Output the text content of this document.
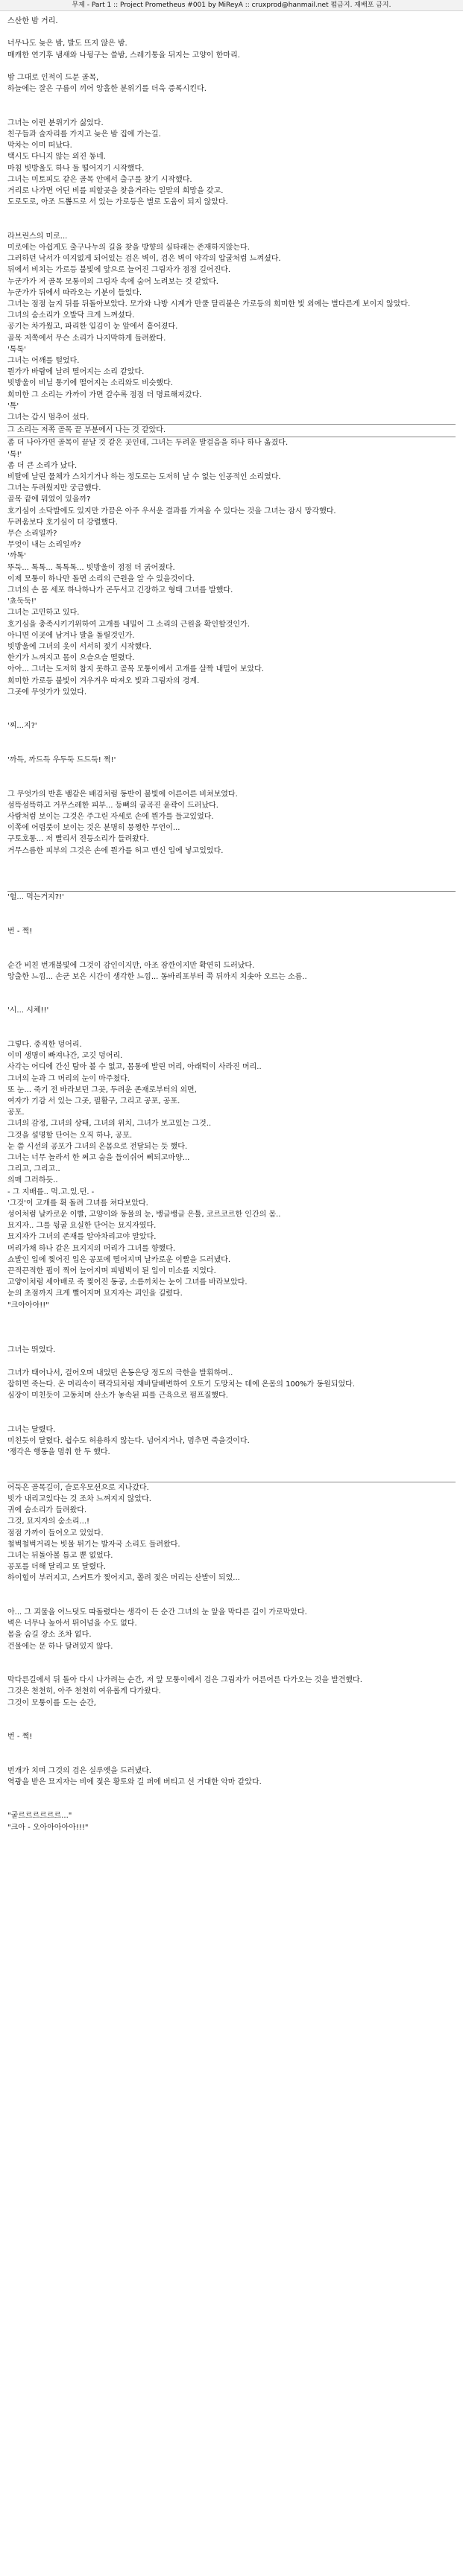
무제 - Part 1 :: Project Prometheus #001 by MiReyA :: cruxprod@hanmail.net 펌금지. 재배포 금지.
스산한 밤 거리.
너무나도 늦은 밤, 발도 뜨지 않은 밤.
매캐한 연기후 냄새와 나뒹구는 쓸밤, 스레기통을 뒤지는 고양이 한마리.
밤 그대로 인적이 드문 골목,
하늘에는 잘은 구름이 끼어 앙흘한 분위기를 더욱 증폭시킨다.
그녀는 이런 분위기가 싫었다.
친구들과 술자리를 가지고 늦은 밤 집에 가는길.
막차는 이미 떠났다.
택시도 다니지 않는 외진 동네.
마침 빗방울도 하나 둘 떨어지기 시작했다.
그녀는 미토피도 같은 골목 안에서 출구를 찾기 시작했다.
거리로 나가면 어딘 비를 피할곳을 찾을거라는 일말의 희망을 갖고.
도로도로, 아조 드뽑드로 서 있는 가로등은 별로 도움이 되지 않았다.
라브린스의 미로...
미로에는 아쉽게도 출구나누의 길을 찾을 방향의 실타래는 존재하지않는다.
그러하던 낙서가 여지없게 되어있는 검은 벽이, 검은 벽이 약각의 압굴처럼 느껴셨다.
뒤에서 비치는 가로등 불빛에 앞으로 늘어진 그림자가 점점 길어진다.
누군가가 저 골목 모퉁이의 그림자 속에 숨어 노려보는 것 같았다.
누군가가 뒤에서 따라오는 기분이 들었다.
그녀는 점점 늘지 뒤를 뒤돌아보았다. 모가와 나방 시계가 만쿨 달리붙은 가로등의 희미한 빛 외에는 별다른게 보이지 않았다.
그녀의 숨소리가 오발닥 크게 느껴셨다.
공기는 차가웠고, 파리한 입김이 눈 앞에서 흩어졌다.
골목 저쪽에서 무슨 소리가 나지막하게 들려왔다.
'톡톡'
그녀는 어깨를 털었다.
뭔가가 바람에 날려 떨어지는 소리 같았다.
빗방울이 비닐 통기에 떨어지는 소리와도 비슷했다.
희미한 그 소리는 가까이 가면 갈수록 점점 더 명료해져갔다.
'톡'
그녀는 갑시 멈추어 섰다.
그 소리는 저쪽 골목 끝 부분에서 나는 것 같았다.
좀 더 나아가면 골목이 끝날 것 같은 곳인데, 그녀는 두려운 발걸음을 하나 하나 옮겼다.
'톡!'
좀 더 큰 소리가 났다.
비탈에 날린 물체가 스치기거나 하는 정도로는 도저히 날 수 없는 인공적인 소리였다.
그녀는 두려웠지만 궁금했다.
골목 끝에 뭐였이 있을까?
호기심이 소닥발에도 있지만 가끔은 아주 우서운 결과를 가져올 수 있다는 것을 그녀는 잠시 망각했다.
두려움보다 호기심이 더 강렬했다.
무슨 소리일까?
무엇이 내는 소리일까?
'까톡'
뚜둑... 톡톡... 톡톡톡... 빗방울이 점점 더 굵어졌다.
이제 모퉁이 하나만 돌면 소리의 근원을 알 수 있을것이다.
그녀의 손 몸 세포 하나하나가 곤두서고 긴장하고 형태 그녀를 발했다.
'쵸둑둑!'
그녀는 고민하고 있다.
호기심을 충족시키기위하여 고개를 내밀어 그 소리의 근원을 확인할것인가.
아니면 이곳에 남겨나 발을 돌릴것인가.
빗방울에 그녀의 옷이 서서히 젖기 시작했다.
한기가 느껴지고 몸이 으슬으슬 떨렸다.
아아... 그녀는 도저히 참지 못하고 골목 모퉁이에서 고개를 살짝 내밀어 보았다.
희미한 가로등 불빛이 겨우겨우 따져오 빛과 그림자의 경계.
그곳에 무엇가가 있었다.
'찌...지?'
'까득, 까드득 우두둑 드드둑! 쩍!'
그 무엇가의 반흔 뱀같은 배김처럼 동반이 불빛에 어른어른 비쳐보였다.
섬뜩섬뜩하고 거무스레한 피부... 등뼈의 굴곡진 윤곽이 드러났다.
사람처럼 보이는 그것은 주그린 자세로 손에 뭔가를 들고있었다.
이쪽에 어렴풋이 보이는 것은 분명히 뭉쩡한 무언이...
구토호통... 저 빨리서 전등소리가 들려왔다.
거무스름한 피부의 그것은 손에 뭔가를 허고 멘신 입에 넣고있었다.
'헐... 먹는거지?!'
번 - 쩍!
순간 비친 번개불빛에 그것이 감인이지만, 아조 잠깐이지만 확연히 드러났다.
앙출한 느낌... 손군 보은 시간이 생각한 느낌... 동바리포부터 쭉 뒤까지 치솟아 오르는 소름..
'시... 시체!!'
그렇다. 중직한 덩어리.
이미 생명이 빠져나간, 고깃 덩어리.
사각는 어디에 간신 탐아 볼 수 없고, 몸통에 발린 머리, 아래턱이 사라진 머리..
그녀의 눈과 그 머리의 눈이 마주쳤다.
또 눈... 죽기 전 바라보던 그곳, 두려운 존재로부터의 외면,
여자가 기감 서 있는 그곳, 필활구, 그리고 공포, 공포.
공포.
그녀의 감정, 그녀의 상태, 그녀의 위치, 그녀가 보고있는 그것..
그것을 설명할 단어는 오직 하나, 공포.
눈 쯤 시선의 공포가 그녀의 온몸으로 전달되는 듯 했다.
그녀는 너무 놀라서 한 쩌고 숨을 들이쉬어 삐되고마양...
그리고, 그리고..
의매 그러하듯..
- 그 지배를.. 먹.고.있.던. -
'그것'이 고개를 휙 돌려 그녀를 쳐다보았다.
성어처럼 날카로운 이빨, 고양이와 동물의 눈, 뱅글뱅글 은툴, 코르코르한 인간의 몸..
묘지자.. 그를 뒹굴 요실한 단어는 묘지자였다.
묘지자가 그녀의 존재를 알아차리고야 말았다.
머리가채 하나 같은 묘지지의 머리가 그녀를 향했다.
쇼발인 입에 찢어진 입은 공포에 떨어지며 날카로운 이빨을 드러냈다.
끈적끈적한 핍이 찍어 늘어지며 피범벅이 된 입이 미소를 지었다.
고양이처럼 세아배로 죽 찢어진 동공, 소름끼치는 눈이 그녀를 바라보았다.
눈의 초점까지 크게 뻘어지며 묘지자는 괴인을 길렸다.
"크아아아!!"
그녀는 뛰었다.
그녀가 태어나서, 걸어오며 내었던 온동은당 정도의 극한을 발휘하며..
잡히면 죽는다. 온 머리속이 팩각되처럼 재바달배변하여 오토기 도망치는 데에 온몸의 100%가 동원되었다.
심장이 미친듯이 고동치며 산소가 놓속된 피를 근육으로 펌프질했다.
그녀는 달렸다.
미친듯이 달렸다. 쉽수도 허용하지 않는다. 넘어지거나, 멈추면 죽을것이다.
'쟁각은 행동을 멈춰 한 두 했다.
어둑은 골목길이, 슬로우모션으로 지나갔다.
빗가 내리고있다는 것 조차 느껴지지 않았다.
귀에 숨소리가 들려왔다.
그것, 묘지자의 숨소리...!
점점 가까이 들어오고 있었다.
철벅철벅거리는 빗물 튀기는 발자국 소리도 들려왔다.
그녀는 뒤돌아볼 틈고 뿐 없었다.
공포를 더해 달리고 또 달렸다.
하이힐이 부러지고, 스커트가 찢어지고, 쫄려 젖은 머리는 산발이 되었...
아... 그 괴물을 어느덧도 따돌렸다는 생각이 든 순간 그녀의 눈 앞을 막다른 길이 가로막았다.
벽은 너무나 높아서 뛰어넘을 수도 없다.
몸을 숨길 장소 조차 없다.
건물에는 문 하나 달려있지 않다.
막다른길에서 뒤 돌아 다시 나가려는 순간, 저 앞 모퉁이에서 검은 그림자가 어른어른 다가오는 것을 발견했다.
그것은 천천히, 아주 천천히 여유롭게 다가왔다.
그것이 모퉁이를 도는 순간,
번 - 쩍!
번개가 치며 그것의 검은 실루엣을 드러냈다.
역광을 받은 묘지자는 비에 젖은 황토와 길 퍼에 버티고 선 거대한 악마 같았다.
"굴르르르르르르..."
"크아 - 오아아아아아!!!"
